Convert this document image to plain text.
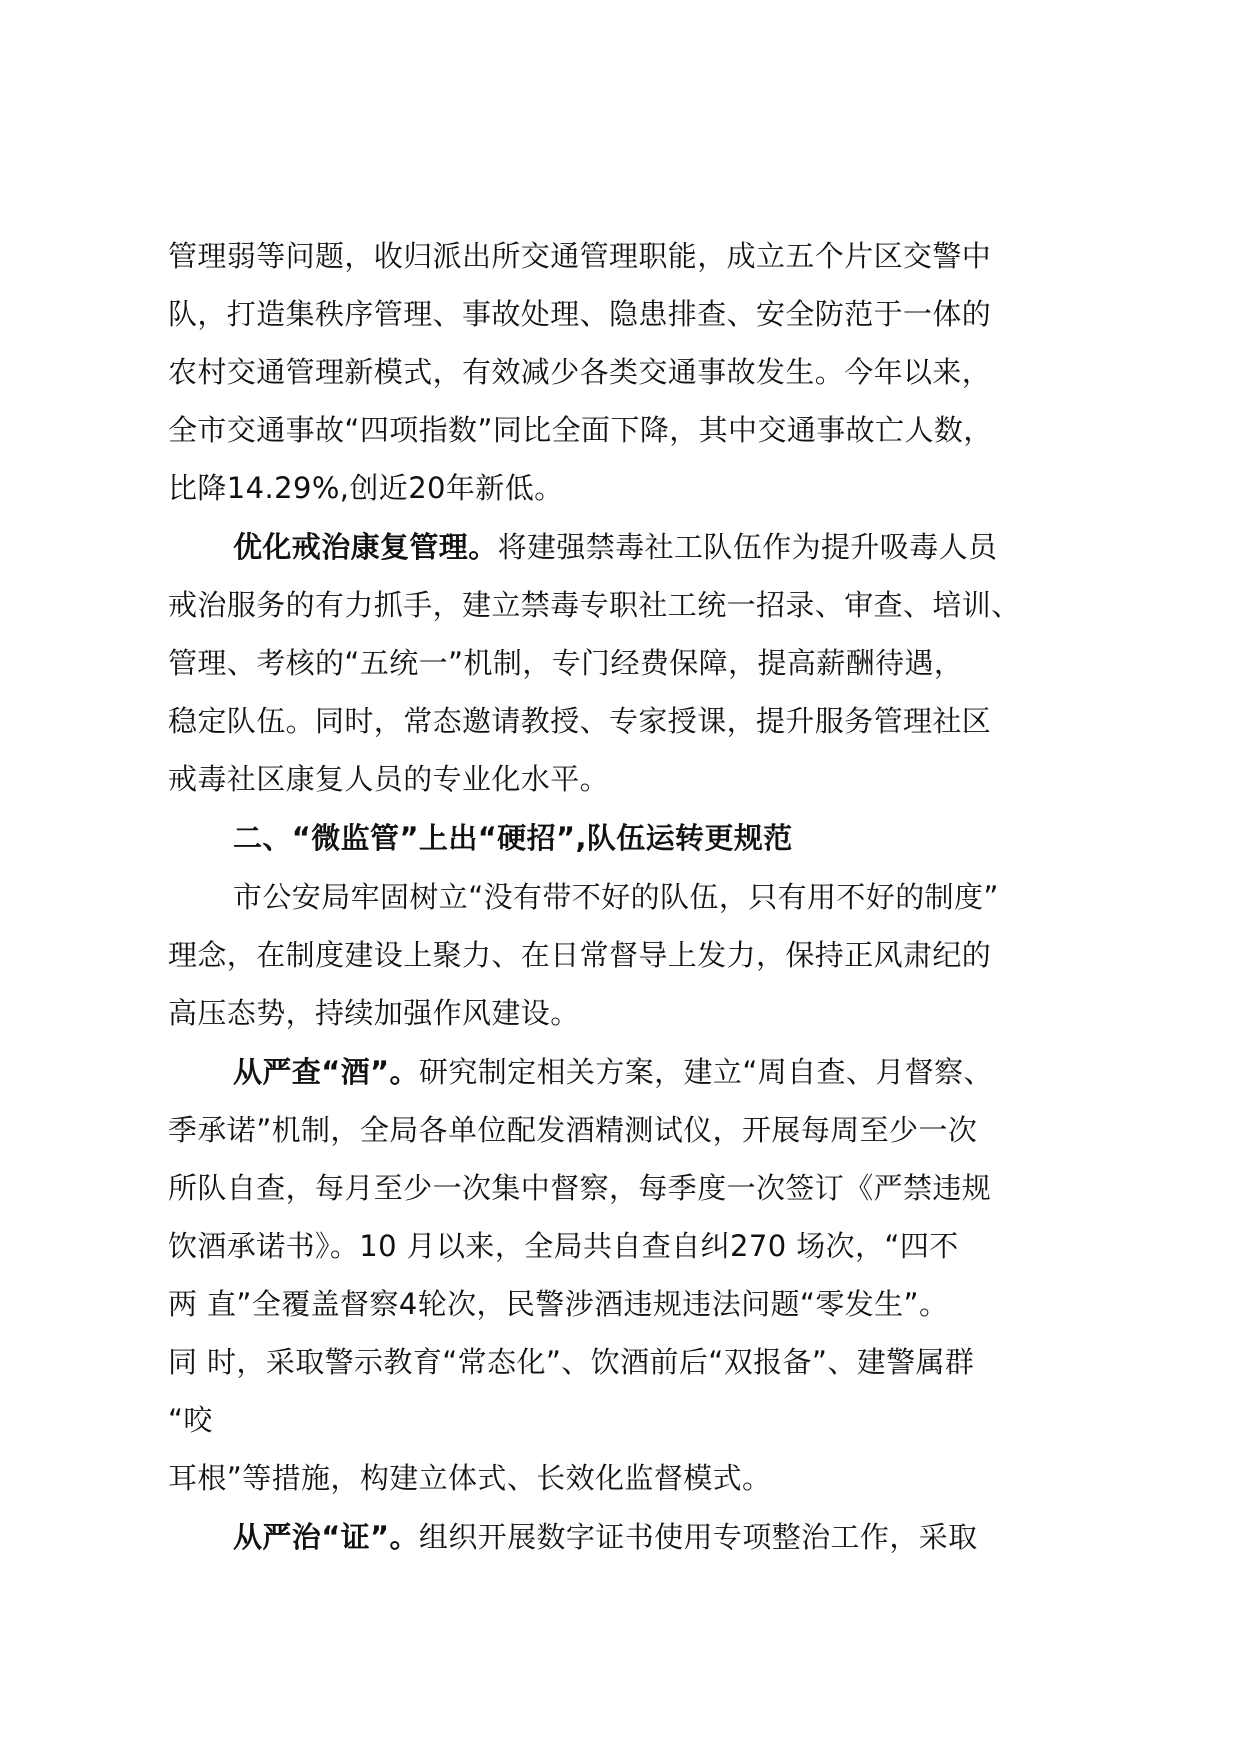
管理弱等问题，收归派出所交通管理职能，成立五个片区交警中
队，打造集秩序管理、事故处理、隐患排查、安全防范于一体的
农村交通管理新模式，有效减少各类交通事故发生。今年以来，
全市交通事故“四项指数”同比全面下降，其中交通事故亡人数，
比降14.29%,创近20年新低。
优化戒治康复管理。将建强禁毒社工队伍作为提升吸毒人员
戒治服务的有力抓手，建立禁毒专职社工统一招录、审查、培训、
管理、考核的“五统一”机制，专门经费保障，提高薪酬待遇，
稳定队伍。同时，常态邀请教授、专家授课，提升服务管理社区
戒毒社区康复人员的专业化水平。
二、“微监管”上出“硬招”,队伍运转更规范
市公安局牢固树立“没有带不好的队伍，只有用不好的制度”
理念，在制度建设上聚力、在日常督导上发力，保持正风肃纪的
高压态势，持续加强作风建设。
从严查“酒”。研究制定相关方案，建立“周自查、月督察、
季承诺”机制，全局各单位配发酒精测试仪，开展每周至少一次
所队自查，每月至少一次集中督察，每季度一次签订《严禁违规
饮酒承诺书》。10 月以来，全局共自查自纠270 场次，“四不
两 直”全覆盖督察4轮次，民警涉酒违规违法问题“零发生”。
同 时，采取警示教育“常态化”、饮酒前后“双报备”、建警属群
“咬
耳根”等措施，构建立体式、长效化监督模式。
从严治“证”。组织开展数字证书使用专项整治工作，采取
